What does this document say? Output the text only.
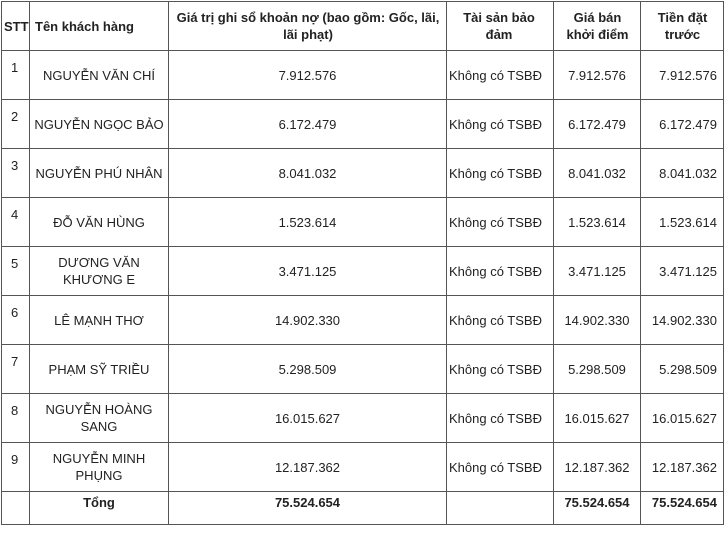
STT	Tên khách hàng	Giá trị ghi sổ khoản nợ (bao gồm: Gốc, lãi, lãi phạt)	Tài sản bảo đảm	Giá bán khởi điểm	Tiền đặt trước
1	NGUYỄN VĂN CHÍ	7.912.576	Không có TSBĐ	7.912.576	7.912.576
2	NGUYỄN NGỌC BẢO	6.172.479	Không có TSBĐ	6.172.479	6.172.479
3	NGUYỄN PHÚ NHÂN	8.041.032	Không có TSBĐ	8.041.032	8.041.032
4	ĐỖ VĂN HÙNG	1.523.614	Không có TSBĐ	1.523.614	1.523.614
5	DƯƠNG VĂN KHƯƠNG E	3.471.125	Không có TSBĐ	3.471.125	3.471.125
6	LÊ MẠNH THƠ	14.902.330	Không có TSBĐ	14.902.330	14.902.330
7	PHẠM SỸ TRIỀU	5.298.509	Không có TSBĐ	5.298.509	5.298.509
8	NGUYỄN HOÀNG SANG	16.015.627	Không có TSBĐ	16.015.627	16.015.627
9	NGUYỄN MINH PHỤNG	12.187.362	Không có TSBĐ	12.187.362	12.187.362
	Tổng	75.524.654		75.524.654	75.524.654
